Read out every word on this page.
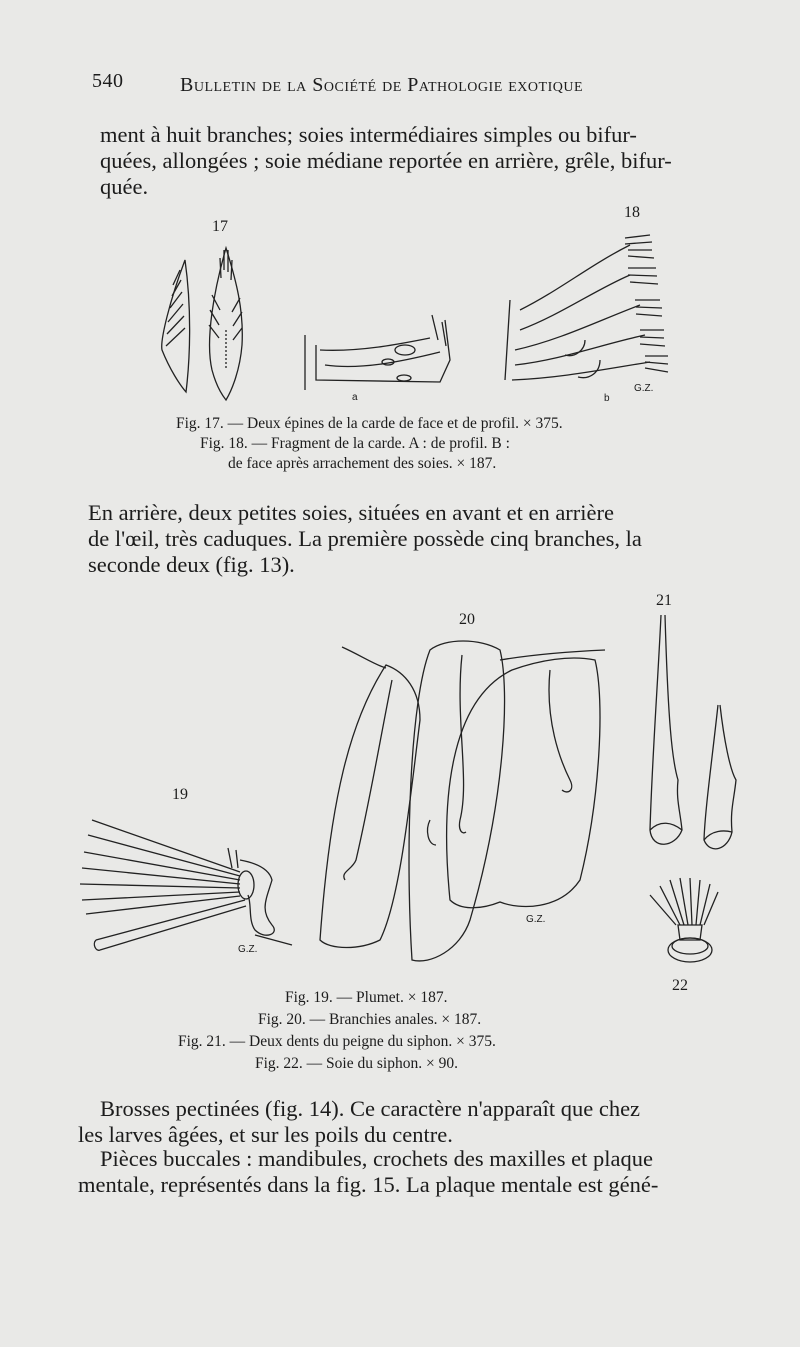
540	Bulletin de la Société de Pathologie exotique
ment à huit branches; soies intermédiaires simples ou bifur-
quées, allongées ; soie médiane reportée en arrière, grêle, bifur-
quée.
17
18
a	b
G.Z.
Fig. 17. — Deux épines de la carde de face et de profil. × 375.
Fig. 18. — Fragment de la carde. A : de profil. B :
de face après arrachement des soies. × 187.
En arrière, deux petites soies, situées en avant et en arrière
de l'œil, très caduques. La première possède cinq branches, la
seconde deux (fig. 13).
20
21
19
22
G.Z.
G.Z.
Fig. 19. — Plumet. × 187.
Fig. 20. — Branchies anales. × 187.
Fig. 21. — Deux dents du peigne du siphon. × 375.
Fig. 22. — Soie du siphon. × 90.
Brosses pectinées (fig. 14). Ce caractère n'apparaît que chez
les larves âgées, et sur les poils du centre.
Pièces buccales : mandibules, crochets des maxilles et plaque
mentale, représentés dans la fig. 15. La plaque mentale est géné-
